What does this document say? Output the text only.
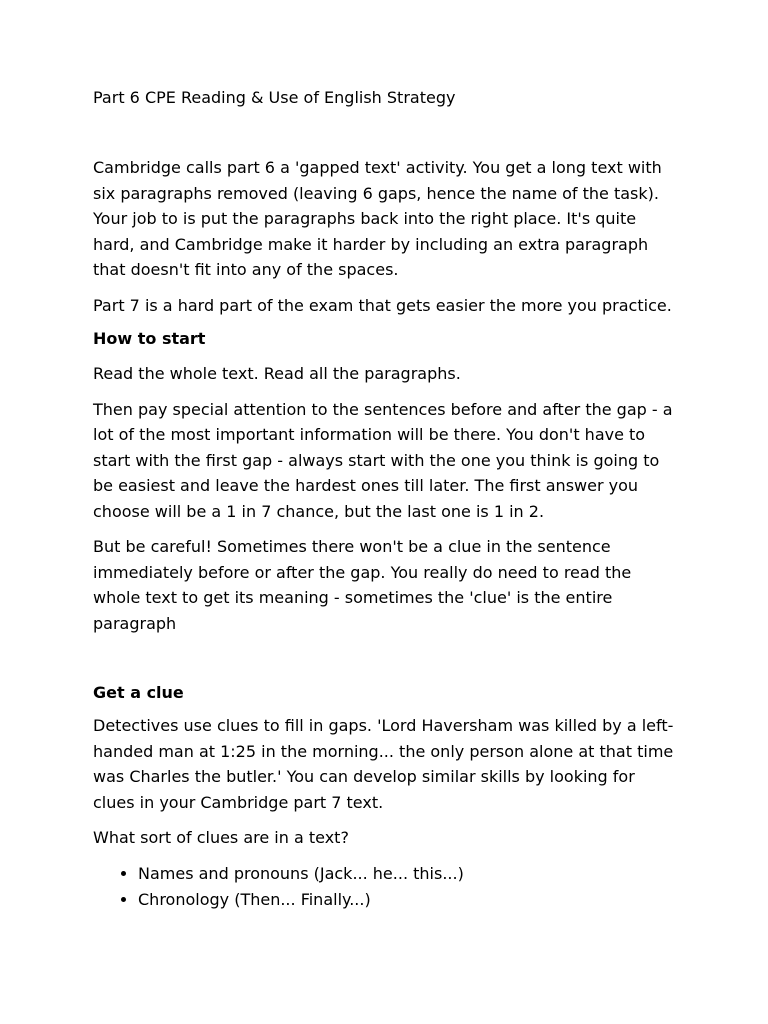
Part 6 CPE Reading & Use of English Strategy

Cambridge calls part 6 a 'gapped text' activity. You get a long text with six paragraphs removed (leaving 6 gaps, hence the name of the task). Your job to is put the paragraphs back into the right place. It's quite hard, and Cambridge make it harder by including an extra paragraph that doesn't fit into any of the spaces.

Part 7 is a hard part of the exam that gets easier the more you practice.

How to start

Read the whole text. Read all the paragraphs.

Then pay special attention to the sentences before and after the gap - a lot of the most important information will be there. You don't have to start with the first gap - always start with the one you think is going to be easiest and leave the hardest ones till later. The first answer you choose will be a 1 in 7 chance, but the last one is 1 in 2.

But be careful! Sometimes there won't be a clue in the sentence immediately before or after the gap. You really do need to read the whole text to get its meaning - sometimes the 'clue' is the entire paragraph

Get a clue

Detectives use clues to fill in gaps. 'Lord Haversham was killed by a left-handed man at 1:25 in the morning... the only person alone at that time was Charles the butler.' You can develop similar skills by looking for clues in your Cambridge part 7 text.

What sort of clues are in a text?

• Names and pronouns (Jack... he... this...)
• Chronology (Then... Finally...)
